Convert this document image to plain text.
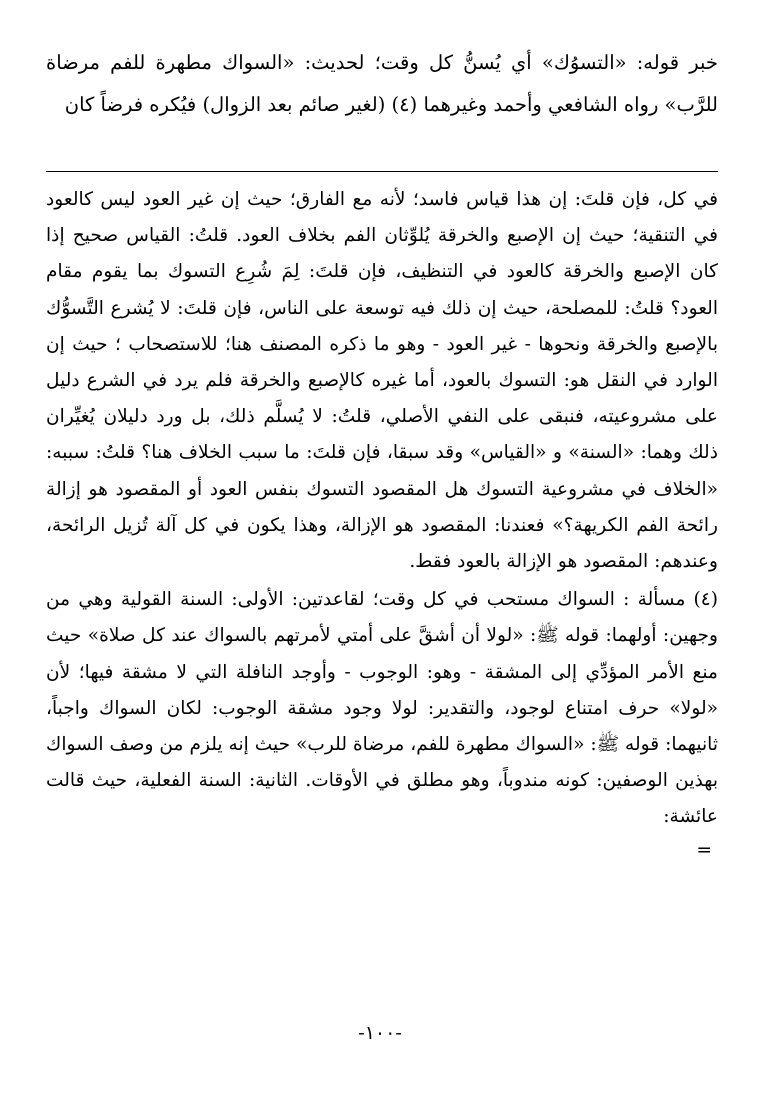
خبر قوله: «التسوُك» أي يُسنُّ كل وقت؛ لحديث: «السواك مطهرة للفم مرضاة للرَّب» رواه الشافعي وأحمد وغيرهما (٤) (لغير صائم بعد الزوال) فيُكره فرضاً كان

في كل، فإن قلتَ: إن هذا قياس فاسد؛ لأنه مع الفارق؛ حيث إن غير العود ليس كالعود في التنقية؛ حيث إن الإصبع والخرقة يُلوِّثان الفم بخلاف العود. قلتُ: القياس صحيح إذا كان الإصبع والخرقة كالعود في التنظيف، فإن قلتَ: لِمَ شُرِع التسوك بما يقوم مقام العود؟ قلتُ: للمصلحة، حيث إن ذلك فيه توسعة على الناس، فإن قلتَ: لا يُشرع التَّسوُّك بالإصبع والخرقة ونحوها - غير العود - وهو ما ذكره المصنف هنا؛ للاستصحاب ؛ حيث إن الوارد في النقل هو: التسوك بالعود، أما غيره كالإصبع والخرقة فلم يرد في الشرع دليل على مشروعيته، فنبقى على النفي الأصلي، قلتُ: لا يُسلَّم ذلك، بل ورد دليلان يُغيِّران ذلك وهما: «السنة» و «القياس» وقد سبقا، فإن قلتَ: ما سبب الخلاف هنا؟ قلتُ: سببه: «الخلاف في مشروعية التسوك هل المقصود التسوك بنفس العود أو المقصود هو إزالة رائحة الفم الكريهة؟» فعندنا: المقصود هو الإزالة، وهذا يكون في كل آلة تُزيل الرائحة، وعندهم: المقصود هو الإزالة بالعود فقط.

(٤)مسألة : السواك مستحب في كل وقت؛ لقاعدتين: الأولى: السنة القولية وهي من وجهين: أولهما: قوله ﷺ: «لولا أن أشقَّ على أمتي لأمرتهم بالسواك عند كل صلاة» حيث منع الأمر المؤدِّي إلى المشقة - وهو: الوجوب - وأوجد النافلة التي لا مشقة فيها؛ لأن «لولا» حرف امتناع لوجود، والتقدير: لولا وجود مشقة الوجوب: لكان السواك واجباً، ثانيهما: قوله ﷺ: «السواك مطهرة للفم، مرضاة للرب» حيث إنه يلزم من وصف السواك بهذين الوصفين: كونه مندوباً، وهو مطلق في الأوقات. الثانية: السنة الفعلية، حيث قالت عائشة:

=
-١٠٠-
